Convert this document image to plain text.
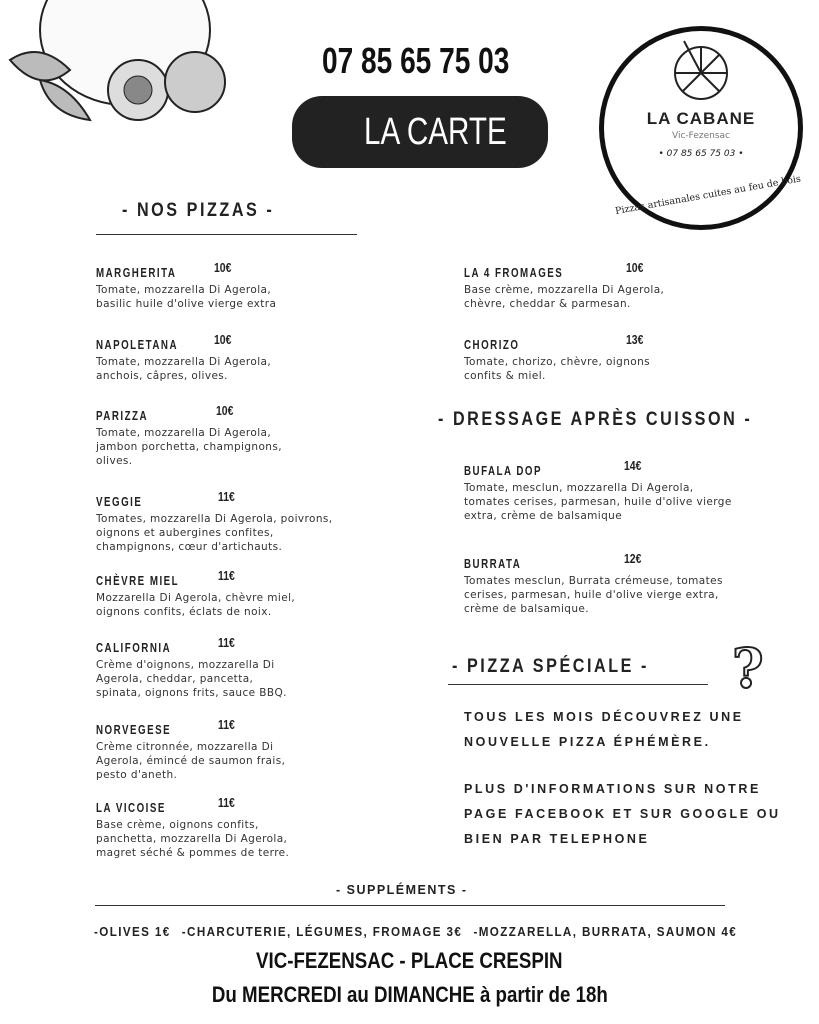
07 85 65 75 03
LA CARTE	LA CABANE
Vic-Fezensac
• 07 85 65 75 03 •
Pizzas artisanales cuites au feu de bois
- NOS PIZZAS -
MARGHERITA	10€
Tomate, mozzarella Di Agerola,
basilic huile d'olive vierge extra
NAPOLETANA	10€
Tomate, mozzarella Di Agerola,
anchois, câpres, olives.
PARIZZA	10€
Tomate, mozzarella Di Agerola,
jambon porchetta, champignons,
olives.
VEGGIE	11€
Tomates, mozzarella Di Agerola, poivrons,
oignons et aubergines confites,
champignons, cœur d'artichauts.
CHÈVRE MIEL	11€
Mozzarella Di Agerola, chèvre miel,
oignons confits, éclats de noix.
CALIFORNIA	11€
Crème d'oignons, mozzarella Di
Agerola, cheddar, pancetta,
spinata, oignons frits, sauce BBQ.
NORVEGESE	11€
Crème citronnée, mozzarella Di
Agerola, émincé de saumon frais,
pesto d'aneth.
LA VICOISE	11€
Base crème, oignons confits,
panchetta, mozzarella Di Agerola,
magret séché & pommes de terre.
LA 4 FROMAGES	10€
Base crème, mozzarella Di Agerola,
chèvre, cheddar & parmesan.
CHORIZO	13€
Tomate, chorizo, chèvre, oignons
confits & miel.
BUFALA DOP	14€
Tomate, mesclun, mozzarella Di Agerola,
tomates cerises, parmesan, huile d'olive vierge
extra, crème de balsamique
BURRATA	12€
Tomates mesclun, Burrata crémeuse, tomates
cerises, parmesan, huile d'olive vierge extra,
crème de balsamique.
- DRESSAGE APRÈS CUISSON -
- PIZZA SPÉCIALE - ?
TOUS LES MOIS DÉCOUVREZ UNE
NOUVELLE PIZZA ÉPHÉMÈRE.
PLUS D'INFORMATIONS SUR NOTRE
PAGE FACEBOOK ET SUR GOOGLE OU
BIEN PAR TELEPHONE
- SUPPLÉMENTS -
-OLIVES 1€ -CHARCUTERIE, LÉGUMES, FROMAGE 3€ -MOZZARELLA, BURRATA, SAUMON 4€
VIC-FEZENSAC - PLACE CRESPIN
Du MERCREDI au DIMANCHE à partir de 18h
